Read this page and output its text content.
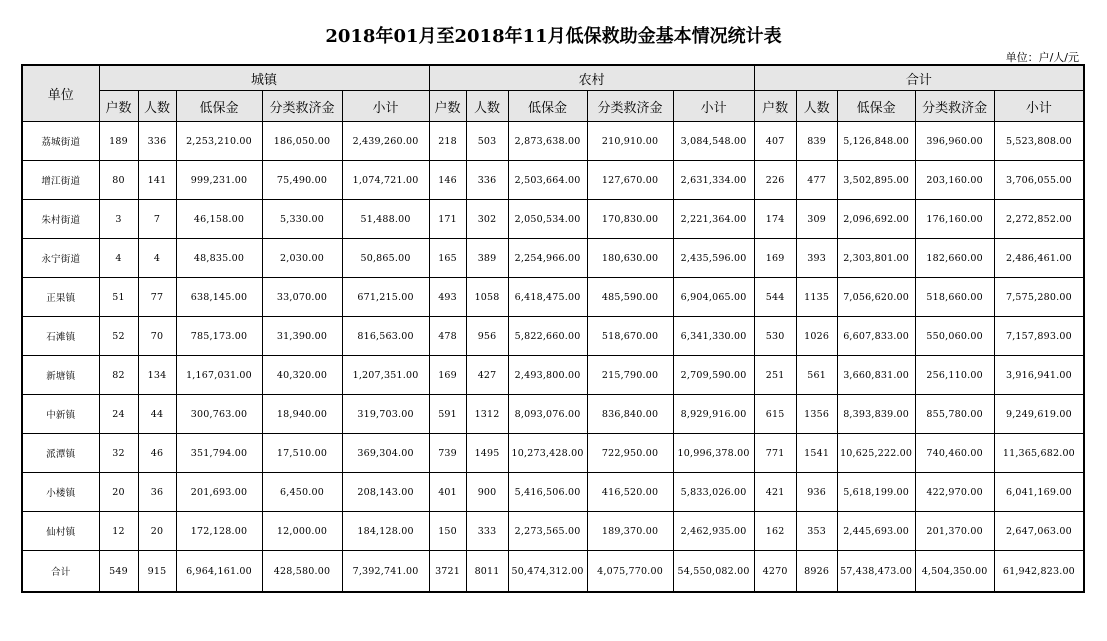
2018年01月至2018年11月低保救助金基本情况统计表
单位：户/人/元
单位	城镇					农村					合计				
	户数	人数	低保金	分类救济金	小计	户数	人数	低保金	分类救济金	小计	户数	人数	低保金	分类救济金	小计
荔城街道	189	336	2,253,210.00	186,050.00	2,439,260.00	218	503	2,873,638.00	210,910.00	3,084,548.00	407	839	5,126,848.00	396,960.00	5,523,808.00
增江街道	80	141	999,231.00	75,490.00	1,074,721.00	146	336	2,503,664.00	127,670.00	2,631,334.00	226	477	3,502,895.00	203,160.00	3,706,055.00
朱村街道	3	7	46,158.00	5,330.00	51,488.00	171	302	2,050,534.00	170,830.00	2,221,364.00	174	309	2,096,692.00	176,160.00	2,272,852.00
永宁街道	4	4	48,835.00	2,030.00	50,865.00	165	389	2,254,966.00	180,630.00	2,435,596.00	169	393	2,303,801.00	182,660.00	2,486,461.00
正果镇	51	77	638,145.00	33,070.00	671,215.00	493	1058	6,418,475.00	485,590.00	6,904,065.00	544	1135	7,056,620.00	518,660.00	7,575,280.00
石滩镇	52	70	785,173.00	31,390.00	816,563.00	478	956	5,822,660.00	518,670.00	6,341,330.00	530	1026	6,607,833.00	550,060.00	7,157,893.00
新塘镇	82	134	1,167,031.00	40,320.00	1,207,351.00	169	427	2,493,800.00	215,790.00	2,709,590.00	251	561	3,660,831.00	256,110.00	3,916,941.00
中新镇	24	44	300,763.00	18,940.00	319,703.00	591	1312	8,093,076.00	836,840.00	8,929,916.00	615	1356	8,393,839.00	855,780.00	9,249,619.00
派潭镇	32	46	351,794.00	17,510.00	369,304.00	739	1495	10,273,428.00	722,950.00	10,996,378.00	771	1541	10,625,222.00	740,460.00	11,365,682.00
小楼镇	20	36	201,693.00	6,450.00	208,143.00	401	900	5,416,506.00	416,520.00	5,833,026.00	421	936	5,618,199.00	422,970.00	6,041,169.00
仙村镇	12	20	172,128.00	12,000.00	184,128.00	150	333	2,273,565.00	189,370.00	2,462,935.00	162	353	2,445,693.00	201,370.00	2,647,063.00
合计	549	915	6,964,161.00	428,580.00	7,392,741.00	3721	8011	50,474,312.00	4,075,770.00	54,550,082.00	4270	8926	57,438,473.00	4,504,350.00	61,942,823.00
